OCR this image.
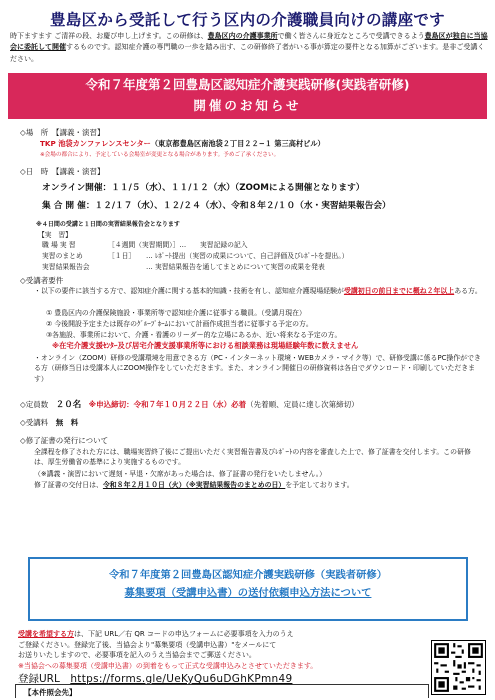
豊島区から受託して行う区内の介護職員向けの講座です
時下ますます ご清祥の段、お慶び申し上げます。この研修は、豊島区内の介護事業所で働く皆さんに身近なところで受講できるよう豊島区が独自に当協会に委託して開催するものです。認知症介護の専門職の一歩を踏み出す、この研修終了者がいる事が算定の要件となる加算がございます。是非ご受講ください。
令和７年度第２回豊島区認知症介護実践研修(実践者研修)
開催のお知らせ
◇場　所　 【講義・演習】
TKP 池袋カンファレンスセンター（東京都豊島区南池袋２丁目２２−１ 第三高村ビル）
※会場の都合により、予定している会場室が変更となる場合があります。予めご了承ください。
◇日　時　 【講義・演習】
オンライン開催：１１/５（水）、１１/１２（水）（ZOOMによる開催となります）
集 合 開 催：１２/１７（水）、１２/２４（水）、令和８年２/１０（水・実習結果報告会）
※４日間の受講と１日間の実習結果報告会となります
【実　習】
職 場 実 習	［４週間（実習期間）］… 実習記録の記入
実習のまとめ	［１日］ … ﾚﾎﾟｰﾄ提出（実習の成果について、自己評価及びﾚﾎﾟｰﾄを提出。）
実習結果報告会	… 実習結果報告を通してまとめについて実習の成果を発表
◇受講者要件
・以下の要件に該当する方で、認知症介護に関する基本的知識・技術を有し、認知症介護現場経験が受講初日の前日までに概ね２年以上ある方。
① 豊島区内の介護保険施設・事業所等で認知症介護に従事する職員。（受講月現在）
② 今後開設予定または既存のｸﾞﾙｰﾌﾟﾎｰﾑにおいて計画作成担当者に従事する予定の方。
③各施設、事業所において、介護・看護のリーダー的な立場にあるか、近い将来なる予定の方。
※在宅介護支援ｾﾝﾀｰ及び居宅介護支援事業所等における相談業務は現場経験年数に数えません
・オンライン（ZOOM）研修の受講環境を用意できる方（PC・インターネット環境・WEBカメラ・マイク等）で、研修受講に係るPC操作ができる方（研修当日は受講本人にZOOM操作をしていただきます。また、オンライン開催日の研修資料は各自でダウンロード・印刷していただきます）
◇定員数　 ２０名　 ※申込締切：令和７年１０月２２日（水）必着（先着順、定員に達し次第締切）
◇受講料　 無　料
◇修了証書の発行について
全課程を修了された方には、職場実習終了後にご提出いただく実習報告書及びﾚﾎﾟｰﾄの内容を審査した上で、修了証書を交付します。この研修は、厚生労働省の基準により実施するものです。
（※講義・演習において遅刻・早退・欠席があった場合は、修了証書の発行をいたしません。）
修了証書の交付日は、令和８年２月１０日（火）（※実習結果報告のまとめの日）を予定しております。
令和７年度第２回豊島区認知症介護実践研修（実践者研修）
募集要項（受講申込書）の送付依頼申込方法について
受講を希望する方は、下記 URL／右 QR コードの申込フォームに必要事項を入力のうえ
ご登録ください。登録完了後、当協会より"募集要項（受講申込書）"をメールにて
お送りいたしますので、必要事項を記入のうえ当協会までご郵送ください。
※当協会への募集要項（受講申込書）の到着をもって正式な受講申込みとさせていただきます。
登録URL　 https://forms.gle/UeKyQu6uDGhKPmn49
【本件照会先】
